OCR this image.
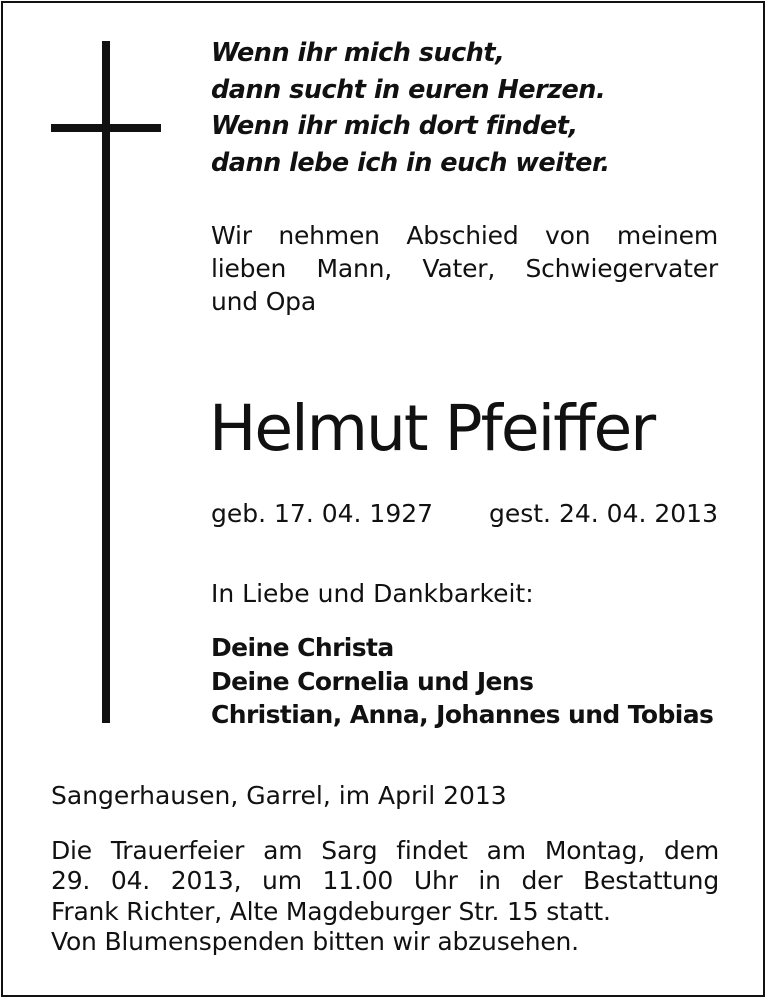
Wenn ihr mich sucht,
dann sucht in euren Herzen.
Wenn ihr mich dort findet,
dann lebe ich in euch weiter.
Wir nehmen Abschied von meinem
lieben Mann, Vater, Schwiegervater
und Opa
Helmut Pfeiffer
geb. 17. 04. 1927 gest. 24. 04. 2013
In Liebe und Dankbarkeit:
Deine Christa
Deine Cornelia und Jens
Christian, Anna, Johannes und Tobias
Sangerhausen, Garrel, im April 2013
Die Trauerfeier am Sarg findet am Montag, dem
29. 04. 2013, um 11.00 Uhr in der Bestattung
Frank Richter, Alte Magdeburger Str. 15 statt.
Von Blumenspenden bitten wir abzusehen.
